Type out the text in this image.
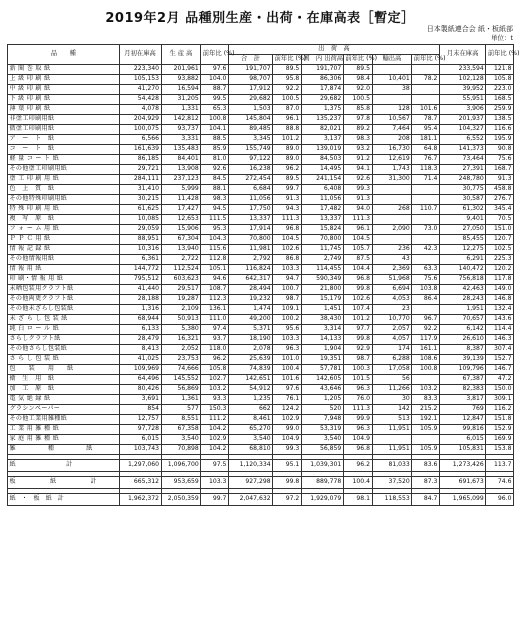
2019年2月 品種別生産・出荷・在庫高表［暫定］
日本製紙連合会 紙・板紙部
単位：t
品　　種	月初在庫高	生 産 高	前年比 (%)	出　荷　高						月末在庫高	前年比 (%)
				合　計	前年比 (%)	国　内 出荷高	前年比 (%)	輸出高	前年比 (%)		
新 聞 巻 取 紙	223,340	201,961	97.6	191,707	89.5	191,707	89.5			233,594	121.8
上 級 印 刷 紙	105,153	93,882	104.0	98,707	95.8	86,306	98.4	10,401	78.2	102,128	105.8
中 級 印 刷 紙	41,270	16,594	88.7	17,912	92.2	17,874	92.0	38		39,952	223.0
下 級 印 刷 紙	54,428	31,205	99.5	29,682	100.5	29,682	100.5			55,951	168.5
薄 葉 印 刷 紙	4,078	1,331	65.3	1,503	87.0	1,375	85.8	128	101.6	3,906	259.9
非塗工印刷用紙	204,929	142,812	100.8	145,804	96.1	135,237	97.8	10,567	78.7	201,937	138.5
微塗工印刷用紙	100,075	93,737	104.1	89,485	88.8	82,021	89.2	7,464	95.4	104,327	116.6
ア　ー　ト　紙	6,566	3,331	88.5	3,345	101.2	3,137	98.3	208	181.1	6,552	195.9
コ　ー　ト　紙	161,639	135,483	85.9	155,749	89.0	139,019	93.2	16,730	64.8	141,373	90.8
軽 量 コ ー ト 紙	86,185	84,401	81.0	97,122	89.0	84,503	91.2	12,619	76.7	73,464	75.6
その他塗工印刷用紙	29,721	13,908	92.6	16,238	96.2	14,495	94.1	1,743	118.3	27,391	168.7
塗 工 印 刷 用 紙	284,111	237,123	84.5	272,454	89.5	241,154	92.6	31,300	71.4	248,780	91.3
色　上　質　紙	31,410	5,999	88.1	6,684	99.7	6,408	99.3			30,775	458.8
その他特殊印刷用紙	30,215	11,428	98.3	11,056	91.3	11,056	91.3			30,587	276.7
特 殊 印 刷 用 紙	61,625	17,427	94.5	17,750	94.3	17,482	94.0	268	110.7	61,302	345.4
複　写　原　紙	10,085	12,653	111.5	13,337	111.3	13,337	111.3			9,401	70.5
フ ォ ー ム 用 紙	29,059	15,906	95.3	17,914	96.8	15,824	96.1	2,090	73.0	27,050	151.0
Ｐ Ｐ Ｃ 用 紙	88,951	67,304	104.3	70,800	104.5	70,800	104.5			85,455	120.7
情 報 記 録 紙	10,316	13,940	115.6	11,981	102.6	11,745	105.7	236	42.3	12,275	102.5
その他情報用紙	6,361	2,722	112.8	2,792	86.8	2,749	87.5	43		6,291	225.3
情 報 用 紙	144,772	112,524	105.1	116,824	103.3	114,455	104.4	2,369	63.3	140,472	120.2
印 刷・情 報 用 紙	795,512	603,623	94.6	642,317	94.7	590,349	96.8	51,968	75.6	756,818	117.8
未晒包装用クラフト紙	41,440	29,517	108.7	28,494	100.7	21,800	99.8	6,694	103.8	42,463	149.0
その他両更クラフト紙	28,188	19,287	112.3	19,232	98.7	15,179	102.6	4,053	86.4	28,243	146.8
その他未ざらし包装紙	1,316	2,109	136.1	1,474	109.1	1,451	107.4	23		1,951	132.4
未 ざ ら し 包 装 紙	68,944	50,913	111.0	49,200	100.2	38,430	101.2	10,770	96.7	70,657	143.6
純 白 ロ ー ル 紙	6,133	5,380	97.4	5,371	95.6	3,314	97.7	2,057	92.2	6,142	114.4
さらしクラフト紙	28,479	16,321	93.7	18,190	103.3	14,133	99.8	4,057	117.9	26,610	146.3
その他さらし包装紙	8,413	2,052	118.0	2,078	96.3	1,904	92.9	174	161.1	8,387	307.4
さ ら し 包 装 紙	41,025	23,753	96.2	25,639	101.0	19,351	98.7	6,288	108.6	39,139	152.7
包　　装　　用　　紙	109,969	74,666	105.8	74,839	100.4	57,781	100.3	17,058	100.8	109,796	146.7
衛　生　用　紙	64,496	145,552	102.7	142,651	101.6	142,605	101.5	56		67,387	47.2
加　工　原　紙	80,426	56,869	103.2	54,912	97.6	43,646	96.3	11,266	103.2	82,383	150.0
電 気 絶 縁 紙	3,691	1,361	93.3	1,235	76.1	1,205	76.0	30	83.3	3,817	309.1
グラシンペーパー	854	577	150.3	662	124.2	520	111.3	142	215.2	769	116.2
その他工業用雑種紙	12,757	8,551	111.2	8,461	102.9	7,948	99.9	513	192.1	12,847	151.8
工 業 用 雑 種 紙	97,728	67,358	104.2	65,270	99.0	53,319	96.3	11,951	105.9	99,816	152.9
家 庭 用 雑 種 紙	6,015	3,540	102.9	3,540	104.9	3,540	104.9			6,015	169.9
雑　　　　　種　　　　　紙	103,743	70,898	104.2	68,810	99.3	56,859	96.8	11,951	105.9	105,831	153.8

紙　　　　　　計	1,297,060	1,096,700	97.5	1,120,334	95.1	1,039,301	96.2	81,033	83.6	1,273,426	113.7

板　　　　紙　　　　計	665,312	953,659	103.3	927,298	99.8	889,778	100.4	37,520	87.3	691,673	74.6

紙 ・ 板 紙 計	1,962,372	2,050,359	99.7	2,047,632	97.2	1,929,079	98.1	118,553	84.7	1,965,099	96.0
